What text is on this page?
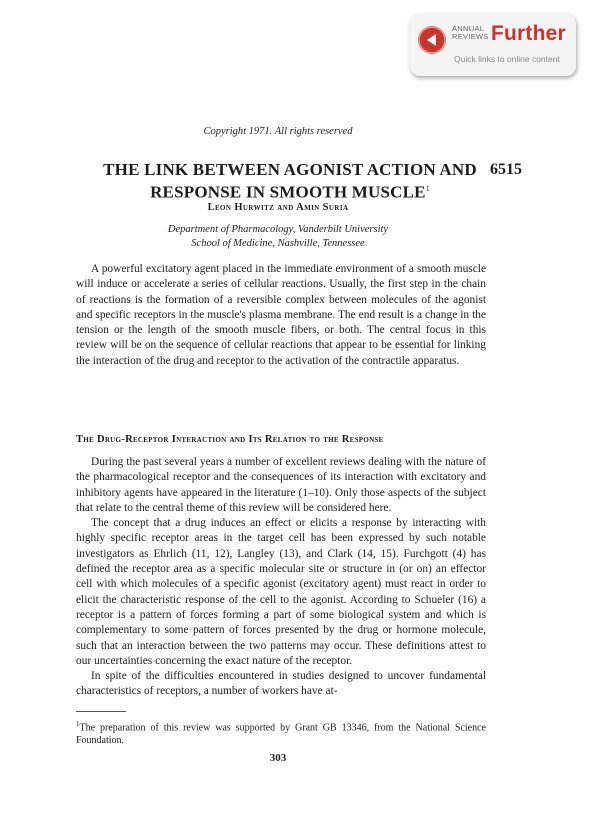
ANNUAL
REVIEWS Further
Quick links to online content
Copyright 1971. All rights reserved
THE LINK BETWEEN AGONIST ACTION AND
RESPONSE IN SMOOTH MUSCLE$^1$
6515
Leon Hurwitz and Amin Suria
Department of Pharmacology, Vanderbilt University
School of Medicine, Nashville, Tennessee

A powerful excitatory agent placed in the immediate environment of a smooth muscle will induce or accelerate a series of cellular reactions. Usually, the first step in the chain of reactions is the formation of a reversible complex between molecules of the agonist and specific receptors in the muscle's plasma membrane. The end result is a change in the tension or the length of the smooth muscle fibers, or both. The central focus in this review will be on the sequence of cellular reactions that appear to be essential for linking the interaction of the drug and receptor to the activation of the contractile apparatus.

The Drug-Receptor Interaction and Its Relation to the Response

During the past several years a number of excellent reviews dealing with the nature of the pharmacological receptor and the consequences of its interaction with excitatory and inhibitory agents have appeared in the literature (1–10). Only those aspects of the subject that relate to the central theme of this review will be considered here.

The concept that a drug induces an effect or elicits a response by interacting with highly specific receptor areas in the target cell has been expressed by such notable investigators as Ehrlich (11, 12), Langley (13), and Clark (14, 15). Furchgott (4) has defined the receptor area as a specific molecular site or structure in (or on) an effector cell with which molecules of a specific agonist (excitatory agent) must react in order to elicit the characteristic response of the cell to the agonist. According to Schueler (16) a receptor is a pattern of forces forming a part of some biological system and which is complementary to some pattern of forces presented by the drug or hormone molecule, such that an interaction between the two patterns may occur. These definitions attest to our uncertainties concerning the exact nature of the receptor.

In spite of the difficulties encountered in studies designed to uncover fundamental characteristics of receptors, a number of workers have at-

$^1$The preparation of this review was supported by Grant GB 13346, from the National Science Foundation.
303
